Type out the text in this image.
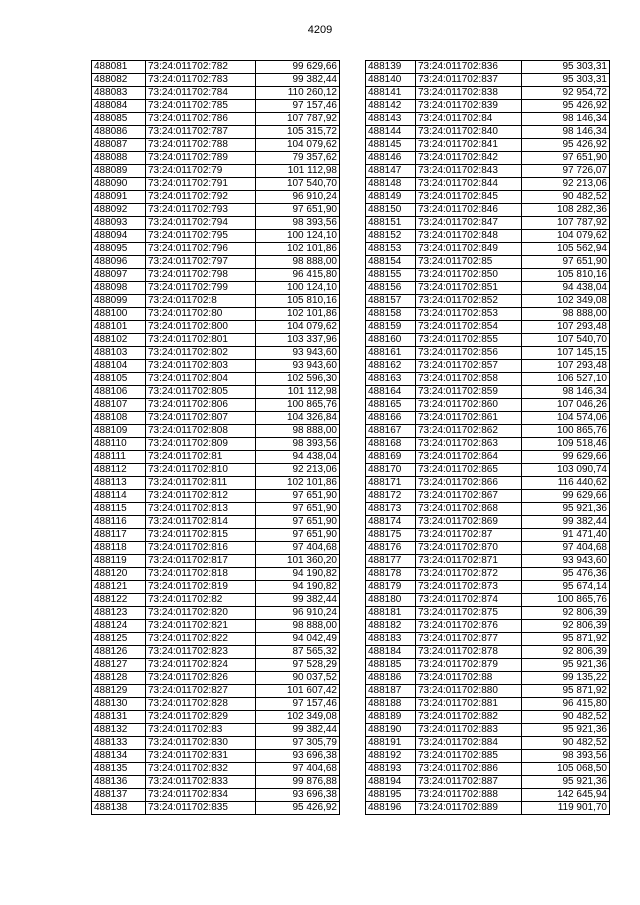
4209
488081	73:24:011702:782	99 629,66
488082	73:24:011702:783	99 382,44
488083	73:24:011702:784	110 260,12
488084	73:24:011702:785	97 157,46
488085	73:24:011702:786	107 787,92
488086	73:24:011702:787	105 315,72
488087	73:24:011702:788	104 079,62
488088	73:24:011702:789	79 357,62
488089	73:24:011702:79	101 112,98
488090	73:24:011702:791	107 540,70
488091	73:24:011702:792	96 910,24
488092	73:24:011702:793	97 651,90
488093	73:24:011702:794	98 393,56
488094	73:24:011702:795	100 124,10
488095	73:24:011702:796	102 101,86
488096	73:24:011702:797	98 888,00
488097	73:24:011702:798	96 415,80
488098	73:24:011702:799	100 124,10
488099	73:24:011702:8	105 810,16
488100	73:24:011702:80	102 101,86
488101	73:24:011702:800	104 079,62
488102	73:24:011702:801	103 337,96
488103	73:24:011702:802	93 943,60
488104	73:24:011702:803	93 943,60
488105	73:24:011702:804	102 596,30
488106	73:24:011702:805	101 112,98
488107	73:24:011702:806	100 865,76
488108	73:24:011702:807	104 326,84
488109	73:24:011702:808	98 888,00
488110	73:24:011702:809	98 393,56
488111	73:24:011702:81	94 438,04
488112	73:24:011702:810	92 213,06
488113	73:24:011702:811	102 101,86
488114	73:24:011702:812	97 651,90
488115	73:24:011702:813	97 651,90
488116	73:24:011702:814	97 651,90
488117	73:24:011702:815	97 651,90
488118	73:24:011702:816	97 404,68
488119	73:24:011702:817	101 360,20
488120	73:24:011702:818	94 190,82
488121	73:24:011702:819	94 190,82
488122	73:24:011702:82	99 382,44
488123	73:24:011702:820	96 910,24
488124	73:24:011702:821	98 888,00
488125	73:24:011702:822	94 042,49
488126	73:24:011702:823	87 565,32
488127	73:24:011702:824	97 528,29
488128	73:24:011702:826	90 037,52
488129	73:24:011702:827	101 607,42
488130	73:24:011702:828	97 157,46
488131	73:24:011702:829	102 349,08
488132	73:24:011702:83	99 382,44
488133	73:24:011702:830	97 305,79
488134	73:24:011702:831	93 696,38
488135	73:24:011702:832	97 404,68
488136	73:24:011702:833	99 876,88
488137	73:24:011702:834	93 696,38
488138	73:24:011702:835	95 426,92
488139	73:24:011702:836	95 303,31
488140	73:24:011702:837	95 303,31
488141	73:24:011702:838	92 954,72
488142	73:24:011702:839	95 426,92
488143	73:24:011702:84	98 146,34
488144	73:24:011702:840	98 146,34
488145	73:24:011702:841	95 426,92
488146	73:24:011702:842	97 651,90
488147	73:24:011702:843	97 726,07
488148	73:24:011702:844	92 213,06
488149	73:24:011702:845	90 482,52
488150	73:24:011702:846	108 282,36
488151	73:24:011702:847	107 787,92
488152	73:24:011702:848	104 079,62
488153	73:24:011702:849	105 562,94
488154	73:24:011702:85	97 651,90
488155	73:24:011702:850	105 810,16
488156	73:24:011702:851	94 438,04
488157	73:24:011702:852	102 349,08
488158	73:24:011702:853	98 888,00
488159	73:24:011702:854	107 293,48
488160	73:24:011702:855	107 540,70
488161	73:24:011702:856	107 145,15
488162	73:24:011702:857	107 293,48
488163	73:24:011702:858	106 527,10
488164	73:24:011702:859	98 146,34
488165	73:24:011702:860	107 046,26
488166	73:24:011702:861	104 574,06
488167	73:24:011702:862	100 865,76
488168	73:24:011702:863	109 518,46
488169	73:24:011702:864	99 629,66
488170	73:24:011702:865	103 090,74
488171	73:24:011702:866	116 440,62
488172	73:24:011702:867	99 629,66
488173	73:24:011702:868	95 921,36
488174	73:24:011702:869	99 382,44
488175	73:24:011702:87	91 471,40
488176	73:24:011702:870	97 404,68
488177	73:24:011702:871	93 943,60
488178	73:24:011702:872	95 476,36
488179	73:24:011702:873	95 674,14
488180	73:24:011702:874	100 865,76
488181	73:24:011702:875	92 806,39
488182	73:24:011702:876	92 806,39
488183	73:24:011702:877	95 871,92
488184	73:24:011702:878	92 806,39
488185	73:24:011702:879	95 921,36
488186	73:24:011702:88	99 135,22
488187	73:24:011702:880	95 871,92
488188	73:24:011702:881	96 415,80
488189	73:24:011702:882	90 482,52
488190	73:24:011702:883	95 921,36
488191	73:24:011702:884	90 482,52
488192	73:24:011702:885	98 393,56
488193	73:24:011702:886	105 068,50
488194	73:24:011702:887	95 921,36
488195	73:24:011702:888	142 645,94
488196	73:24:011702:889	119 901,70
